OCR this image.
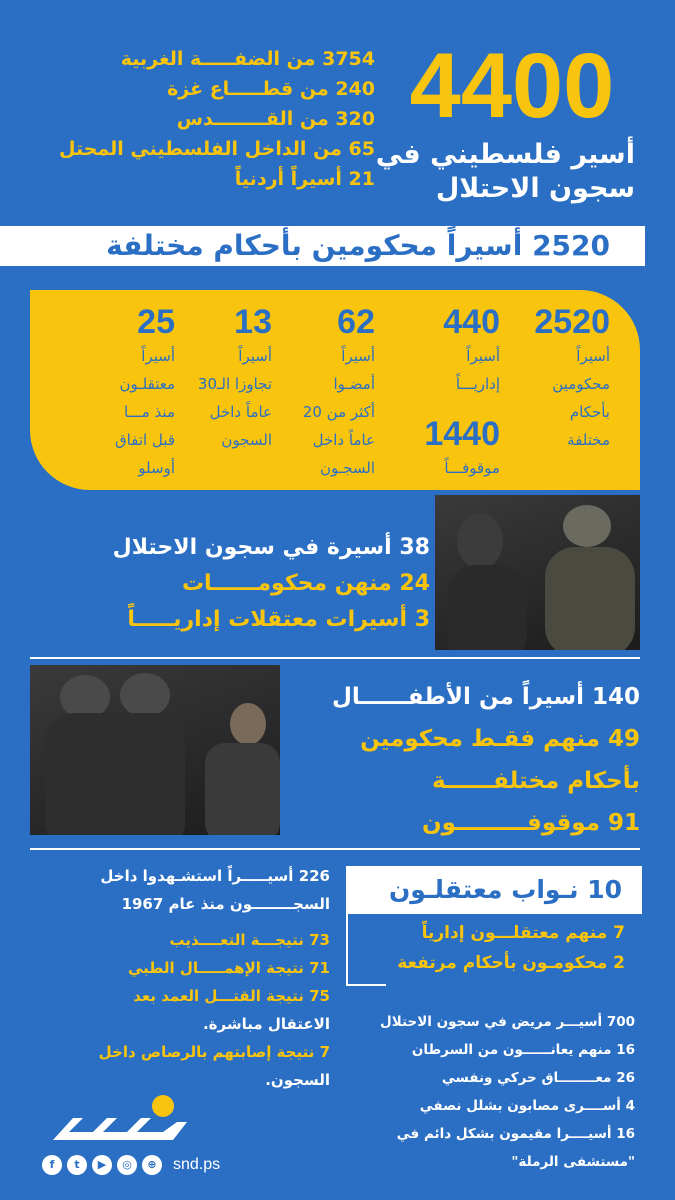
4400
أسير فلسطيني في
سجون الاحتلال
3754 من الضفـــــة الغربية
240 من قطـــــاع غزة
320 من القــــــــدس
65 من الداخل الفلسطيني المحتل
21 أسيراً أردنياً
2520 أسيراً محكومين بأحكام مختلفة
2520
أسيراً
محكومين
بأحكام
مختلفة
440
أسيراً
إداريـــاً
1440
موقوفـــاً
62
أسيراً
أمضـوا
أكثر من 20
عاماً داخل
السجـون
13
أسيراً
تجاوزا الـ30
عاماً داخل
السجون
25
أسيراً
معتقلـون
منذ مـــا
قبل اتفاق
أوسلو
38 أسيرة في سجون الاحتلال
24 منهن محكومــــــات
3 أسيرات معتقلات إداريـــــاً
140 أسيراً من الأطفــــــال
49 منهم فقـط محكومين
بأحكام مختلفــــــة
91 موقوفـــــــــون
226 أسيـــــراً استشـهدوا داخل
السجــــــــون منذ عام 1967
73 نتيجـــة التعــــذيب
71 نتيجة الإهمـــــال الطبي
75 نتيجة القتـــل العمد بعد
الاعتقال مباشرة.
7 نتيجة إصابتهم بالرصاص داخل
السجون.
10 نـواب معتقلـون
7 منهم معتقلـــون إدارياً
2 محكومـون بأحكام مرتفعة
700 أسيـــر مريض في سجون الاحتلال
16 منهم يعانــــــون من السرطان
26 معــــــــاق حركي ونفسي
4 أســــرى مصابون بشلل نصفي
16 أسيــــرا مقيمون بشكل دائم في
"مستشفى الرملة"
f	t	▶	◎	⊕	snd.ps
